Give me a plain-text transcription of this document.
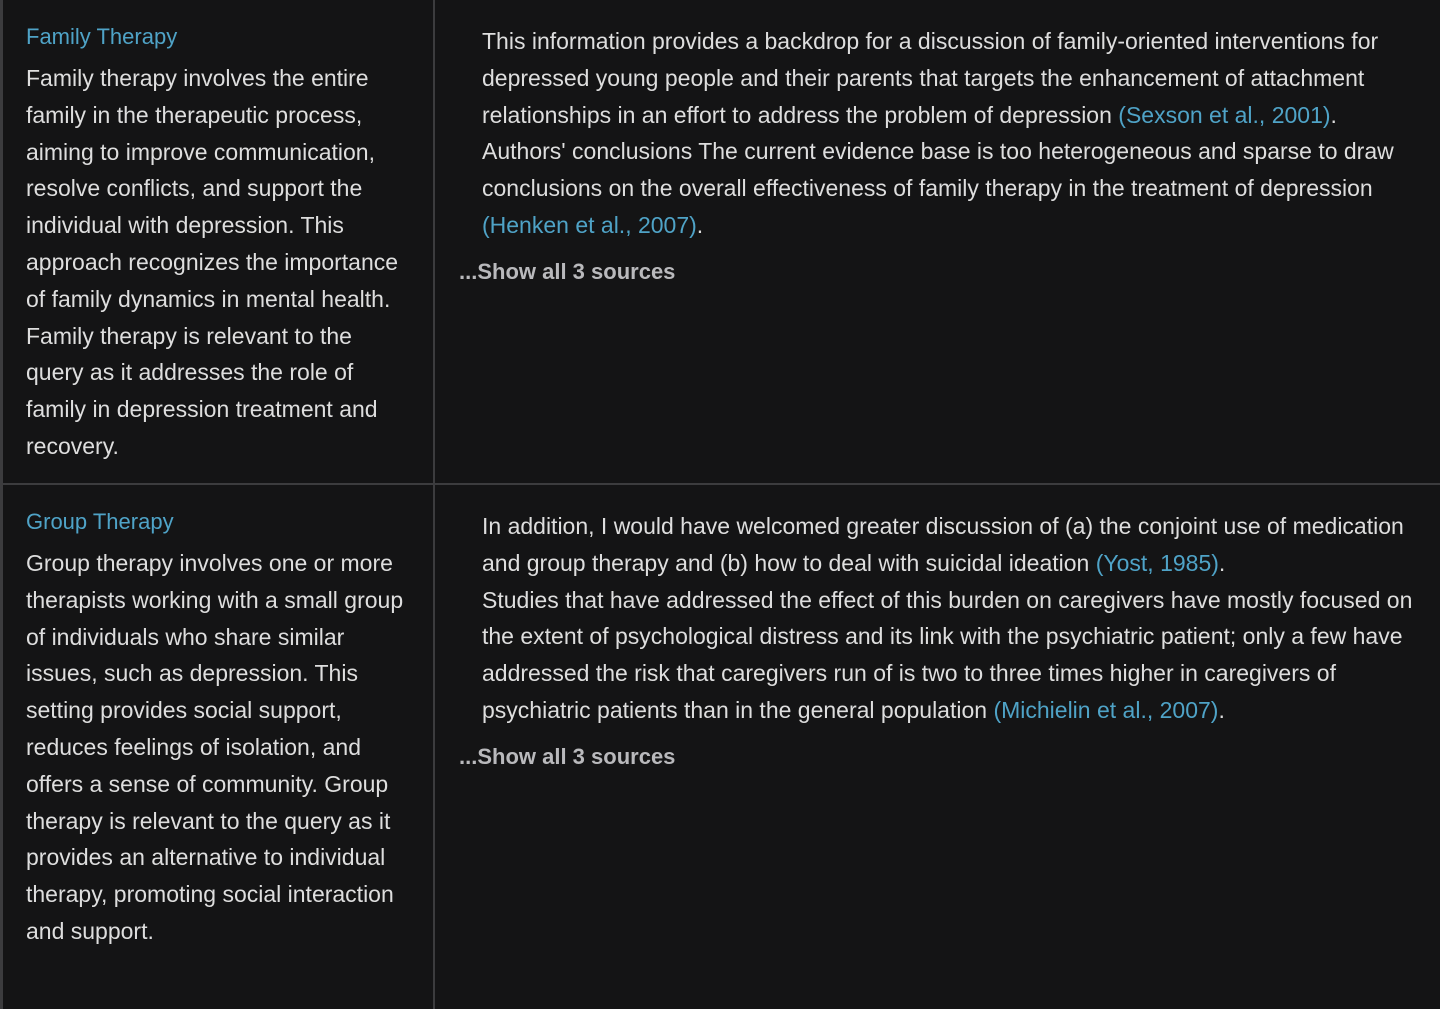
Family Therapy
Family therapy involves the entire family in the therapeutic process, aiming to improve communication, resolve conflicts, and support the individual with depression. This approach recognizes the importance of family dynamics in mental health. Family therapy is relevant to the query as it addresses the role of family in depression treatment and recovery.

This information provides a backdrop for a discussion of family-oriented interventions for depressed young people and their parents that targets the enhancement of attachment relationships in an effort to address the problem of depression (Sexson et al., 2001).

Authors' conclusions The current evidence base is too heterogeneous and sparse to draw conclusions on the overall effectiveness of family therapy in the treatment of depression (Henken et al., 2007).

...Show all 3 sources
Group Therapy
Group therapy involves one or more therapists working with a small group of individuals who share similar issues, such as depression. This setting provides social support, reduces feelings of isolation, and offers a sense of community. Group therapy is relevant to the query as it provides an alternative to individual therapy, promoting social interaction and support.

In addition, I would have welcomed greater discussion of (a) the conjoint use of medication and group therapy and (b) how to deal with suicidal ideation (Yost, 1985).

Studies that have addressed the effect of this burden on caregivers have mostly focused on the extent of psychological distress and its link with the psychiatric patient; only a few have addressed the risk that caregivers run of is two to three times higher in caregivers of psychiatric patients than in the general population (Michielin et al., 2007).

...Show all 3 sources
